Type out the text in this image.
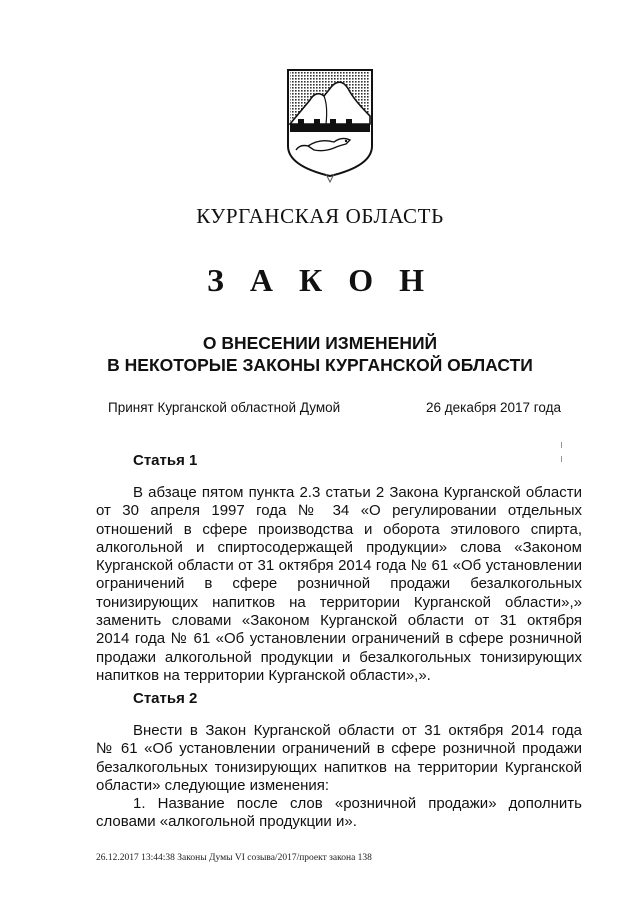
КУРГАНСКАЯ ОБЛАСТЬ
З А К О Н
О ВНЕСЕНИИ ИЗМЕНЕНИЙ
В НЕКОТОРЫЕ ЗАКОНЫ КУРГАНСКОЙ ОБЛАСТИ
Принят Курганской областной Думой	26 декабря 2017 года
Статья 1
В абзаце пятом пункта 2.3 статьи 2 Закона Курганской области
от 30 апреля 1997 года № 34 «О регулировании отдельных
отношений в сфере производства и оборота этилового спирта,
алкогольной и спиртосодержащей продукции» слова «Законом
Курганской области от 31 октября 2014 года № 61 «Об установлении
ограничений в сфере розничной продажи безалкогольных
тонизирующих напитков на территории Курганской области»,»
заменить словами «Законом Курганской области от 31 октября
2014 года № 61 «Об установлении ограничений в сфере розничной
продажи алкогольной продукции и безалкогольных тонизирующих
напитков на территории Курганской области»,».
Статья 2
Внести в Закон Курганской области от 31 октября 2014 года
№ 61 «Об установлении ограничений в сфере розничной продажи
безалкогольных тонизирующих напитков на территории Курганской
области» следующие изменения:
1. Название после слов «розничной продажи» дополнить
словами «алкогольной продукции и».
26.12.2017 13:44:38 Законы Думы VI созыва/2017/проект закона 138
